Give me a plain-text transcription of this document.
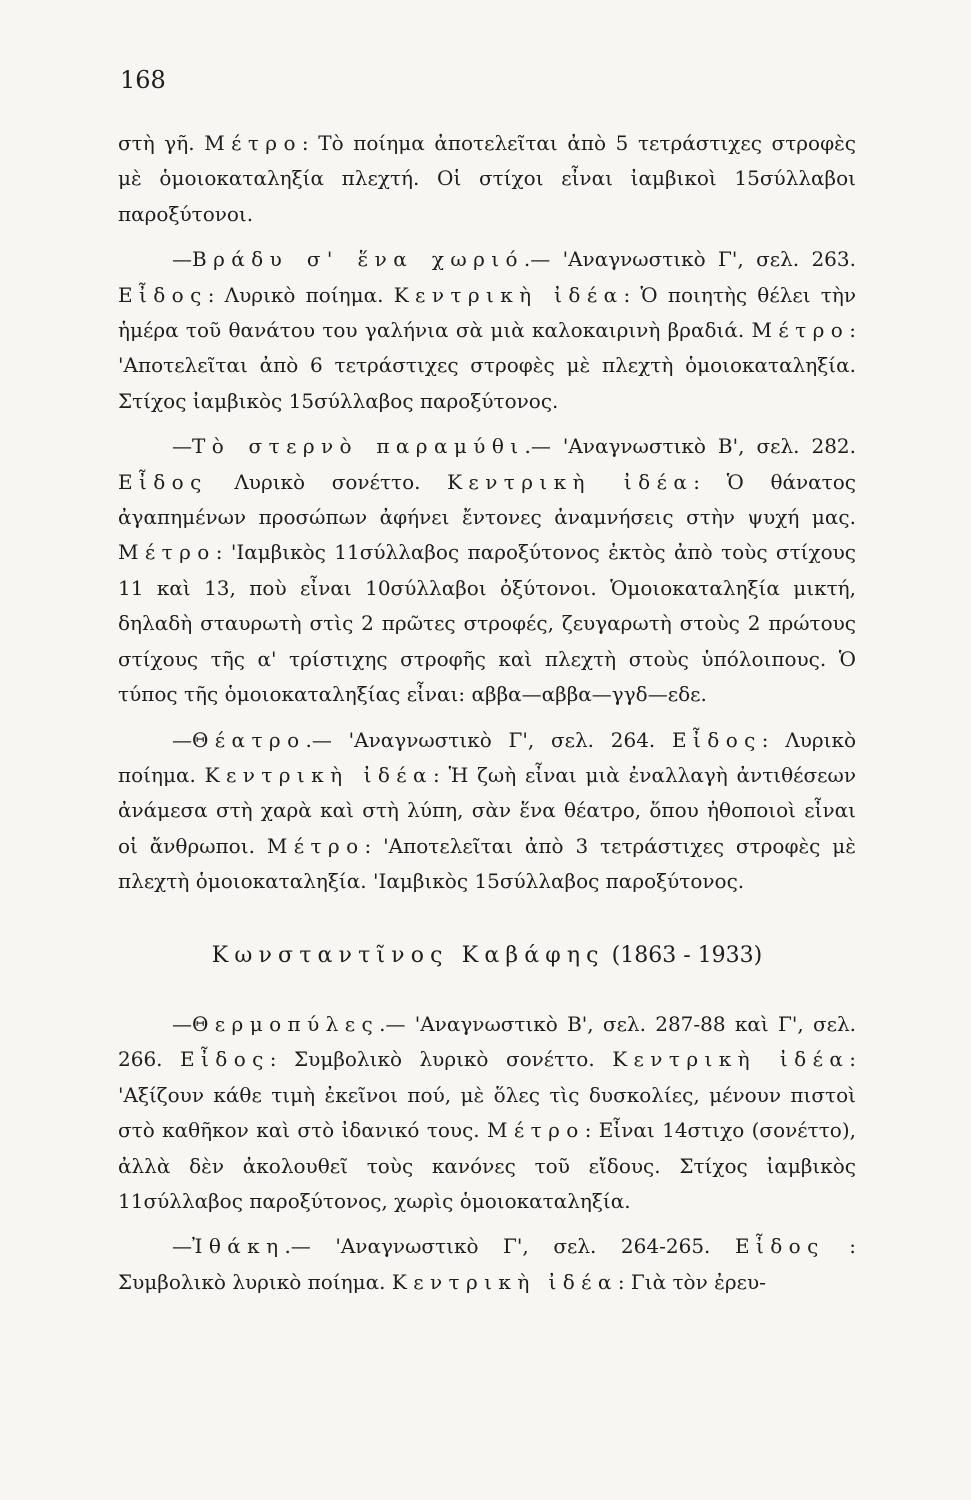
168

στὴ γῆ. Μέτρο: Τὸ ποίημα ἀποτελεῖται ἀπὸ 5 τετράστιχες στροφὲς μὲ ὁμοιοκαταληξία πλεχτή. Οἱ στίχοι εἶναι ἰαμβικοὶ 15σύλλαβοι παροξύτονοι.

—Βράδυ σ' ἕνα χωριό.— 'Αναγνωστικὸ Γ', σελ. 263. Εἶδος: Λυρικὸ ποίημα. Κεντρικὴ ἰδέα: Ὁ ποιητὴς θέλει τὴν ἡμέρα τοῦ θανάτου του γαλήνια σὰ μιὰ καλοκαιρινὴ βραδιά. Μέτρο: 'Αποτελεῖται ἀπὸ 6 τετράστιχες στροφὲς μὲ πλεχτὴ ὁμοιοκαταληξία. Στίχος ἰαμβικὸς 15σύλλαβος παροξύτονος.

—Τὸ στερνὸ παραμύθι.— 'Αναγνωστικὸ Β', σελ. 282. Εἶδος Λυρικὸ σονέττο. Κεντρικὴ ἰδέα: Ὁ θάνατος ἀγαπημένων προσώπων ἀφήνει ἔντονες ἀναμνήσεις στὴν ψυχή μας. Μέτρο: 'Ιαμβικὸς 11σύλλαβος παροξύτονος ἐκτὸς ἀπὸ τοὺς στίχους 11 καὶ 13, ποὺ εἶναι 10σύλλαβοι ὀξύτονοι. Ὁμοιοκαταληξία μικτή, δηλαδὴ σταυρωτὴ στὶς 2 πρῶτες στροφές, ζευγαρωτὴ στοὺς 2 πρώτους στίχους τῆς α' τρίστιχης στροφῆς καὶ πλεχτὴ στοὺς ὑπόλοιπους. Ὁ τύπος τῆς ὁμοιοκαταληξίας εἶναι: αββα—αββα—γγδ—εδε.

—Θέατρο.— 'Αναγνωστικὸ Γ', σελ. 264. Εἶδος: Λυρικὸ ποίημα. Κεντρικὴ ἰδέα: Ἡ ζωὴ εἶναι μιὰ ἐναλλαγὴ ἀντιθέσεων ἀνάμεσα στὴ χαρὰ καὶ στὴ λύπη, σὰν ἕνα θέατρο, ὅπου ἠθοποιοὶ εἶναι οἱ ἄνθρωποι. Μέτρο: 'Αποτελεῖται ἀπὸ 3 τετράστιχες στροφὲς μὲ πλεχτὴ ὁμοιοκαταληξία. 'Ιαμβικὸς 15σύλλαβος παροξύτονος.

Κωνσταντῖνος Καβάφης (1863 - 1933)

—Θερμοπύλες.— 'Αναγνωστικὸ Β', σελ. 287-88 καὶ Γ', σελ. 266. Εἶδος: Συμβολικὸ λυρικὸ σονέττο. Κεντρικὴ ἰδέα: 'Αξίζουν κάθε τιμὴ ἐκεῖνοι πού, μὲ ὅλες τὶς δυσκολίες, μένουν πιστοὶ στὸ καθῆκον καὶ στὸ ἰδανικό τους. Μέτρο: Εἶναι 14στιχο (σονέττο), ἀλλὰ δὲν ἀκολουθεῖ τοὺς κανόνες τοῦ εἴδους. Στίχος ἰαμβικὸς 11σύλλαβος παροξύτονος, χωρὶς ὁμοιοκαταληξία.

—Ἰθάκη.— 'Αναγνωστικὸ Γ', σελ. 264-265. Εἶδος : Συμβολικὸ λυρικὸ ποίημα. Κεντρικὴ ἰδέα: Γιὰ τὸν ἐρευ-
